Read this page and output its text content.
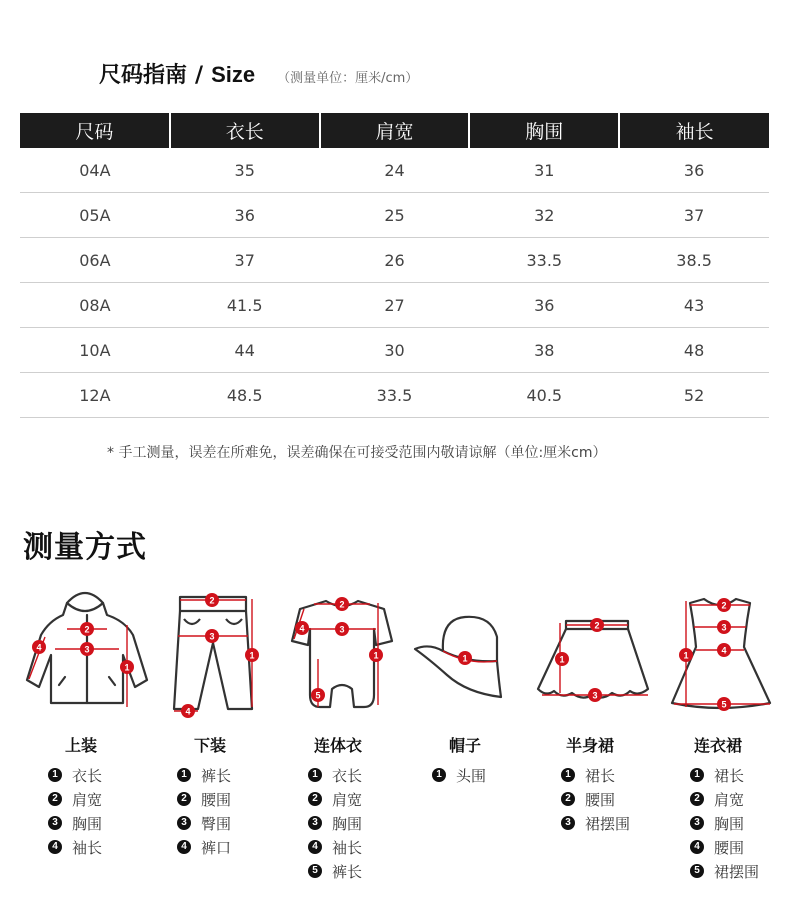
尺码指南 / Size （测量单位：厘米/cm）
尺码	衣长	肩宽	胸围	袖长
04A	35	24	31	36
05A	36	25	32	37
06A	37	26	33.5	38.5
08A	41.5	27	36	43
10A	44	30	38	48
12A	48.5	33.5	40.5	52
* 手工测量，误差在所难免，误差确保在可接受范围内敬请谅解（单位:厘米cm）
测量方式
1
2
3
4
1
2
3
4
1
2
3
4
5
1	1
2
3
1
2
3
4
5
上装	下装	连体衣	帽子	半身裙	连衣裙
1 衣长
2 肩宽
3 胸围
4 袖长
1 裤长
2 腰围
3 臀围
4 裤口
1 衣长
2 肩宽
3 胸围
4 袖长
5 裤长
1 头围	1 裙长
2 腰围
3 裙摆围
1 裙长
2 肩宽
3 胸围
4 腰围
5 裙摆围
